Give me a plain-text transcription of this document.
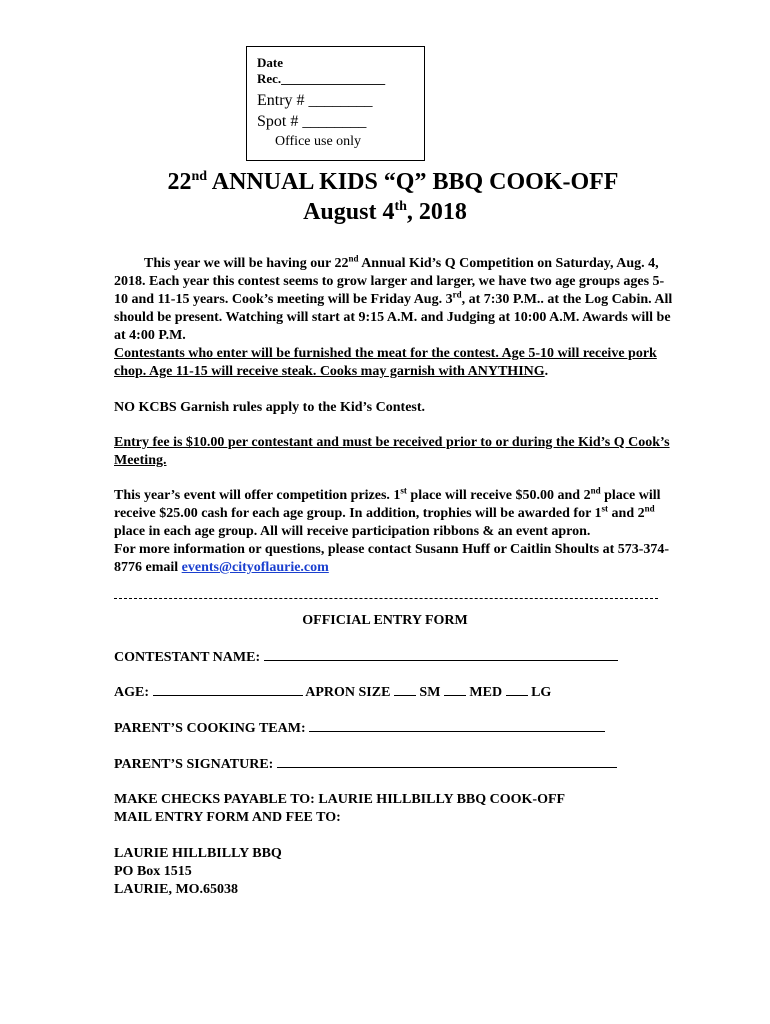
Date
Rec.________________
Entry # ________
Spot # ________
Office use only
22nd ANNUAL KIDS “Q” BBQ COOK-OFF
August 4th, 2018
This year we will be having our 22nd Annual Kid’s Q Competition on Saturday, Aug. 4, 2018. Each year this contest seems to grow larger and larger, we have two age groups ages 5-10 and 11-15 years. Cook’s meeting will be Friday Aug. 3rd, at 7:30 P.M.. at the Log Cabin. All should be present. Watching will start at 9:15 A.M. and Judging at 10:00 A.M. Awards will be at 4:00 P.M.
Contestants who enter will be furnished the meat for the contest. Age 5-10 will receive pork chop. Age 11-15 will receive steak. Cooks may garnish with ANYTHING.
NO KCBS Garnish rules apply to the Kid’s Contest.
Entry fee is $10.00 per contestant and must be received prior to or during the Kid’s Q Cook’s Meeting.
This year’s event will offer competition prizes. 1st place will receive $50.00 and 2nd place will receive $25.00 cash for each age group. In addition, trophies will be awarded for 1st and 2nd place in each age group. All will receive participation ribbons & an event apron.
For more information or questions, please contact Susann Huff or Caitlin Shoults at 573-374-8776 email events@cityoflaurie.com
OFFICIAL ENTRY FORM
CONTESTANT NAME:
AGE:	APRON SIZE SM MED LG
PARENT’S COOKING TEAM:
PARENT’S SIGNATURE:
MAKE CHECKS PAYABLE TO: LAURIE HILLBILLY BBQ COOK-OFF
MAIL ENTRY FORM AND FEE TO:
LAURIE HILLBILLY BBQ
PO Box 1515
LAURIE, MO.65038
